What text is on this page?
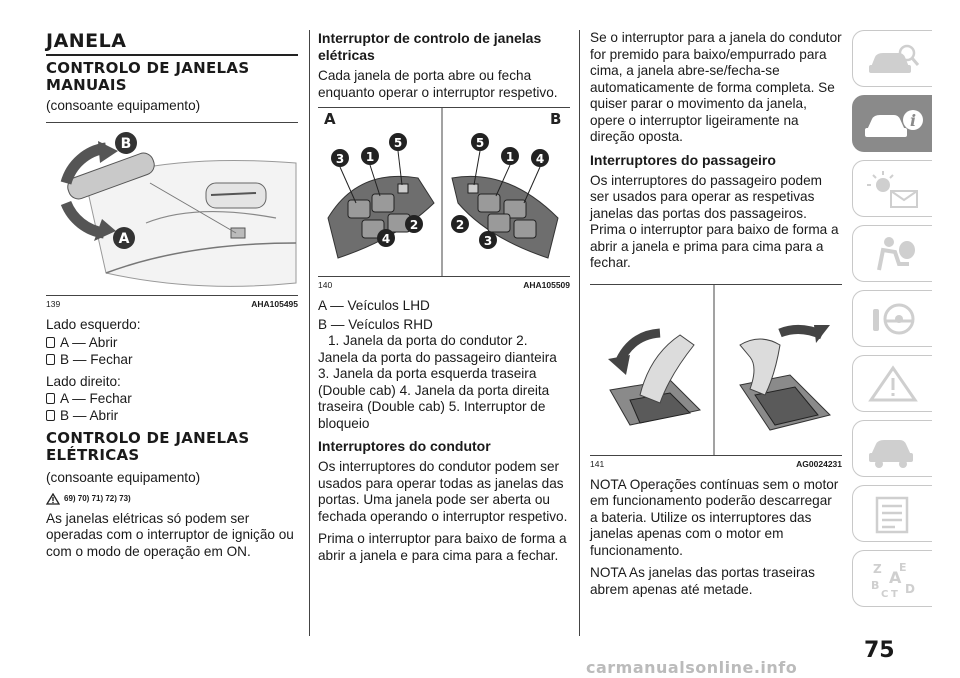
JANELA
CONTROLO DE JANELAS MANUAIS

(consoante equipamento)

B
A
139	AHA105495

Lado esquerdo:

A — Abrir
B — Fechar

Lado direito:

A — Fechar
B — Abrir
CONTROLO DE JANELAS ELÉTRICAS

(consoante equipamento)

69) 70) 71) 72) 73)

As janelas elétricas só podem ser operadas com o interruptor de ignição ou com o modo de operação em ON.

Interruptor de controlo de janelas elétricas

Cada janela de porta abre ou fecha enquanto operar o interruptor respetivo.

A	B
3 1
5
4
2
5
1 4
2
3
140	AHA105509

A — Veículos LHD

B — Veículos RHD

1. Janela da porta do condutor 2. Janela da porta do passageiro dianteira 3. Janela da porta esquerda traseira (Double cab) 4. Janela da porta direita traseira (Double cab) 5. Interruptor de bloqueio

Interruptores do condutor

Os interruptores do condutor podem ser usados para operar todas as janelas das portas. Uma janela pode ser aberta ou fechada operando o interruptor respetivo.

Prima o interruptor para baixo de forma a abrir a janela e para cima para a fechar.

Se o interruptor para a janela do condutor for premido para baixo/empurrado para cima, a janela abre-se/fecha-se automaticamente de forma completa. Se quiser parar o movimento da janela, opere o interruptor ligeiramente na direção oposta.

Interruptores do passageiro

Os interruptores do passageiro podem ser usados para operar as respetivas janelas das portas dos passageiros. Prima o interruptor para baixo de forma a abrir a janela e prima para cima para a fechar.

141	AG0024231

NOTA Operações contínuas sem o motor em funcionamento poderão descarregar a bateria. Utilize os interruptores das janelas apenas com o motor em funcionamento.

NOTA As janelas das portas traseiras abrem apenas até metade.

i
Z E
A
B
C T D
75
carmanualsonline.info
